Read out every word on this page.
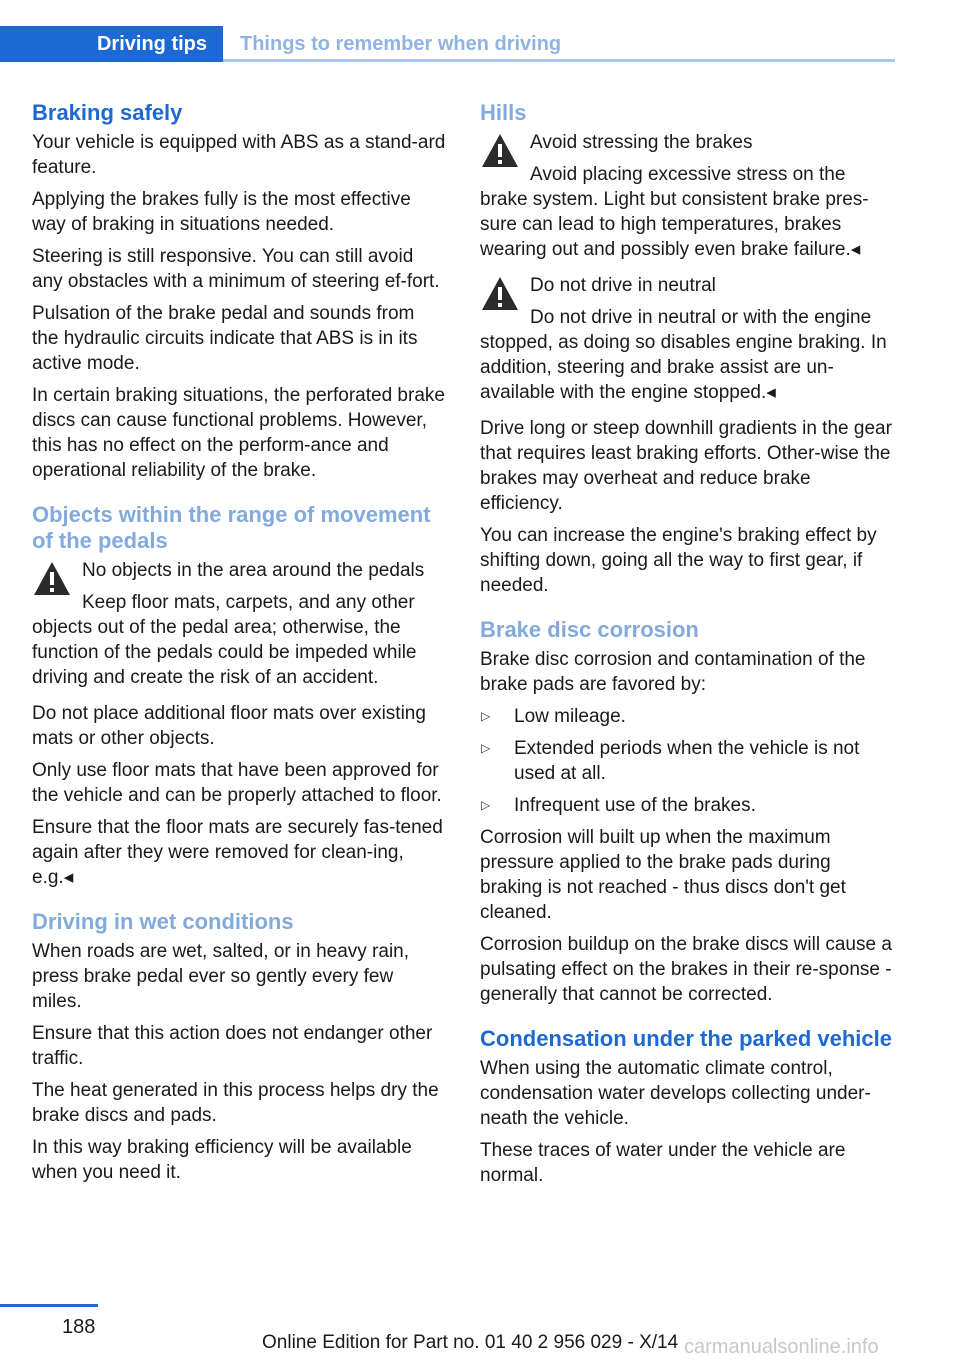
Driving tips	Things to remember when driving
Braking safely

Your vehicle is equipped with ABS as a stand-ard feature.

Applying the brakes fully is the most effective way of braking in situations needed.

Steering is still responsive. You can still avoid any obstacles with a minimum of steering ef-fort.

Pulsation of the brake pedal and sounds from the hydraulic circuits indicate that ABS is in its active mode.

In certain braking situations, the perforated brake discs can cause functional problems. However, this has no effect on the perform-ance and operational reliability of the brake.

Objects within the range of movement of the pedals
No objects in the area around the pedals
Keep floor mats, carpets, and any other objects out of the pedal area; otherwise, the function of the pedals could be impeded while driving and create the risk of an accident.

Do not place additional floor mats over existing mats or other objects.

Only use floor mats that have been approved for the vehicle and can be properly attached to floor.

Ensure that the floor mats are securely fas-tened again after they were removed for clean-ing, e.g.◂

Driving in wet conditions

When roads are wet, salted, or in heavy rain, press brake pedal ever so gently every few miles.

Ensure that this action does not endanger other traffic.

The heat generated in this process helps dry the brake discs and pads.

In this way braking efficiency will be available when you need it.

Hills
Avoid stressing the brakes
Avoid placing excessive stress on the brake system. Light but consistent brake pres-sure can lead to high temperatures, brakes wearing out and possibly even brake failure.◂
Do not drive in neutral
Do not drive in neutral or with the engine stopped, as doing so disables engine braking. In addition, steering and brake assist are un-available with the engine stopped.◂

Drive long or steep downhill gradients in the gear that requires least braking efforts. Other-wise the brakes may overheat and reduce brake efficiency.

You can increase the engine's braking effect by shifting down, going all the way to first gear, if needed.

Brake disc corrosion

Brake disc corrosion and contamination of the brake pads are favored by:

▷ Low mileage.
▷ Extended periods when the vehicle is not used at all.
▷ Infrequent use of the brakes.

Corrosion will built up when the maximum pressure applied to the brake pads during braking is not reached - thus discs don't get cleaned.

Corrosion buildup on the brake discs will cause a pulsating effect on the brakes in their re-sponse - generally that cannot be corrected.

Condensation under the parked vehicle

When using the automatic climate control, condensation water develops collecting under-neath the vehicle.

These traces of water under the vehicle are normal.

188
Online Edition for Part no. 01 40 2 956 029 - X/14 carmanualsonline.info
